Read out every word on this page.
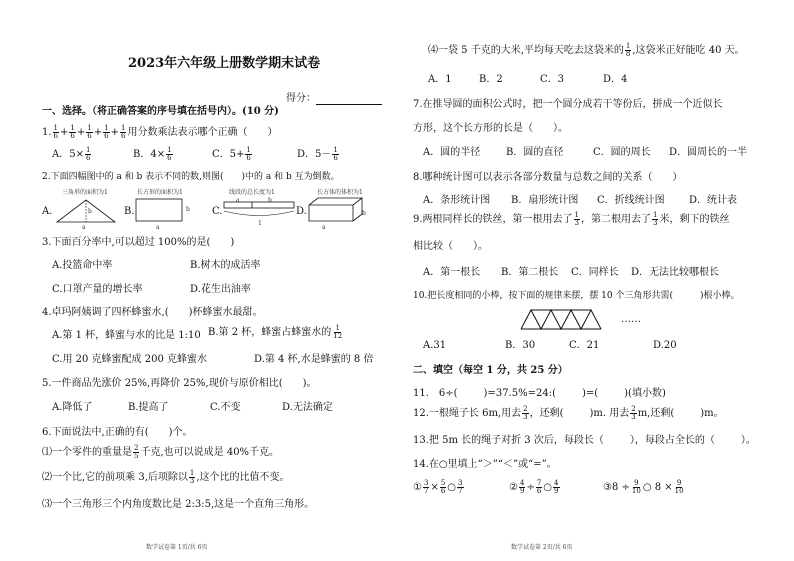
2023年六年级上册数学期末试卷
得分：
一、选择。（将正确答案的序号填在括号内）。(10 分)
1. $\frac{1}{6} + \frac{1}{6} + \frac{1}{6} + \frac{1}{6} + \frac{1}{6}$ 用分数乘法表示哪个正确（　　）
A．$5\times \frac{1}{6}$	B．$4\times \frac{1}{6}$	C．$5+ \frac{1}{6}$	D．$5- \frac{1}{6}$
2.下面四幅图中的 a 和 b 表示不同的数,则图(　　)中的 a 和 b 互为倒数。
三角形的面积为1	长方形的面积为1	线段的总长度为1	长方体的体积为1
A.	B.	C.	D.
a
b
a
b
a	b
1
a
b
3.下面百分率中,可以超过 100%的是(　　)
A.投篮命中率	B.树木的成活率
C.口罩产量的增长率	D.花生出油率
4.卓玛阿姨调了四杯蜂蜜水,(　　)杯蜂蜜水最甜。
A.第 1 杯，蜂蜜与水的比是 1:10 B.第 2 杯，蜂蜜占蜂蜜水的 $\frac{1}{12}$
C.用 20 克蜂蜜配成 200 克蜂蜜水	D.第 4 杯,水是蜂蜜的 8 倍
5.一件商品先涨价 25%,再降价 25%,现价与原价相比(　　)。
A.降低了	B.提高了	C.不变	D.无法确定
6.下面说法中,正确的有(　　)个。
⑴一个零件的重量是 $\frac{2}{5}$ 千克,也可以说成是 40%千克。
⑵一个比,它的前项乘 3,后项除以 $\frac{1}{3}$ ,这个比的比值不变。
⑶一个三角形三个内角度数比是 2:3:5,这是一个直角三角形。
数学试卷第 1页/共 6页
⑷一袋 5 千克的大米,平均每天吃去这袋米的 $\frac{1}{8}$ ,这袋米正好能吃 40 天。
A．1	B．2	C．3	D．4
7.在推导圆的面积公式时，把一个圆分成若干等份后，拼成一个近似长
方形，这个长方形的长是（　　）。
A．圆的半径	B．圆的直径	C．圆的周长 D．圆周长的一半
8.哪种统计图可以表示各部分数量与总数之间的关系（　　）
A．条形统计图 B．扇形统计图 C．折线统计图 D．统计表
9.两根同样长的铁丝，第一根用去了 $\frac{1}{3}$ ，第二根用去了 $\frac{1}{3}$ 米，剩下的铁丝
相比较（　　）。
A．第一根长 B．第二根长 C．同样长 D．无法比较哪根长
10.把长度相同的小棒，按下面的规律来摆，摆 10 个三角形共需(　　　)根小棒。
……
A.31	B．30	C．21	D.20
二、填空（每空 1 分，共 25 分）
11.　6÷(	)=37.5%=24:(	)=(	)(填小数)
12.一根绳子长 6m,用去 $\frac{2}{3}$ ，还剩(	)m. 用去 $\frac{2}{3} m$,还剩(	)m。
13.把 5m 长的绳子对折 3 次后，每段长（	），每段占全长的（	）。
14.在○里填上“＞”“＜”或“=”。
① $\frac{3}{7} \times \frac{5}{6}$ ○ $\frac{3}{7}$	② $\frac{4}{9} \div \frac{7}{6}$ ○ $\frac{4}{9}$	③8 ÷ $\frac{9}{10}$ ○ $8 \times \frac{9}{10}$
数学试卷第 2页/共 6页
